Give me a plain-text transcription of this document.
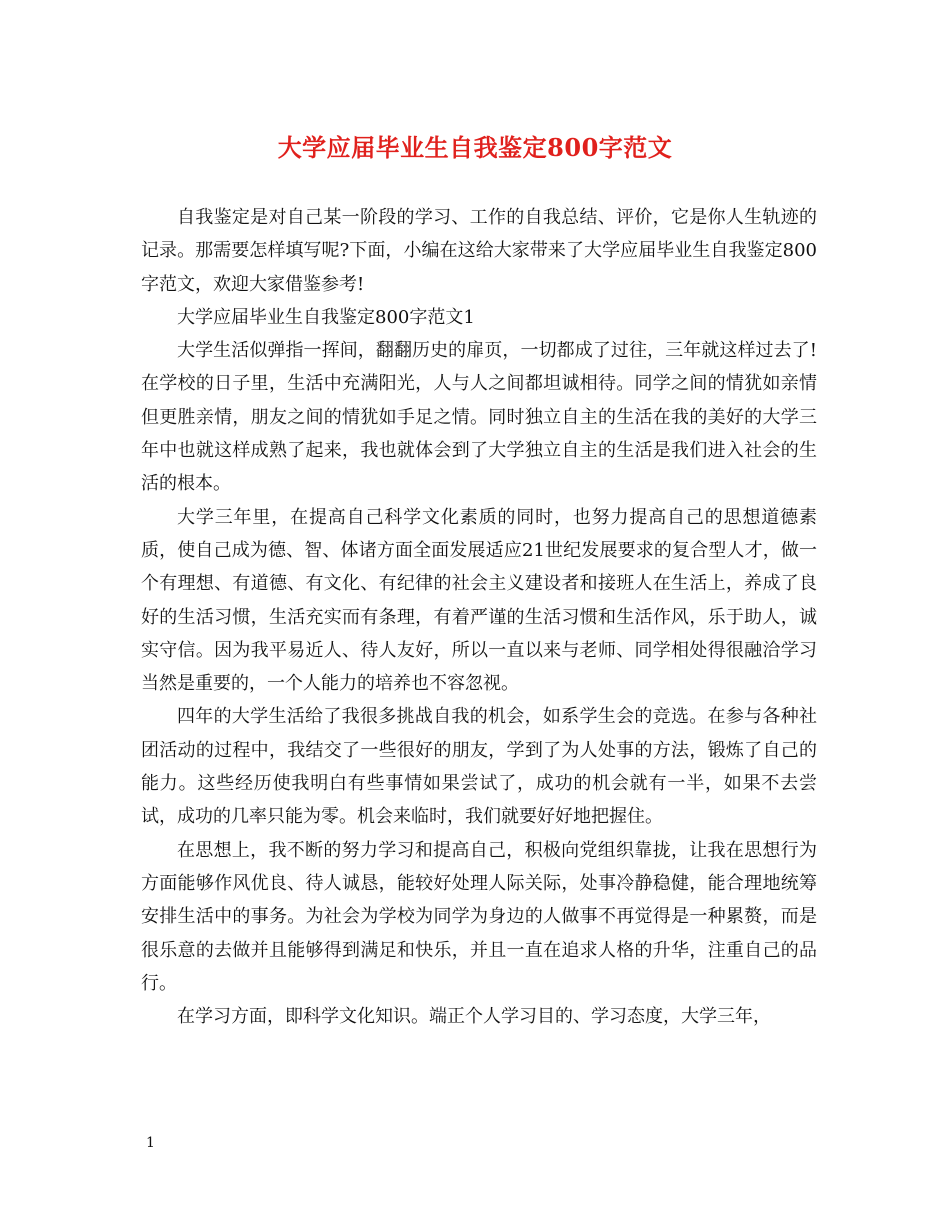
大学应届毕业生自我鉴定800字范文

自我鉴定是对自己某一阶段的学习、工作的自我总结、评价，它是你人生轨迹的记录。那需要怎样填写呢?下面，小编在这给大家带来了大学应届毕业生自我鉴定800字范文，欢迎大家借鉴参考!

大学应届毕业生自我鉴定800字范文1

大学生活似弹指一挥间，翻翻历史的扉页，一切都成了过往，三年就这样过去了!在学校的日子里，生活中充满阳光，人与人之间都坦诚相待。同学之间的情犹如亲情但更胜亲情，朋友之间的情犹如手足之情。同时独立自主的生活在我的美好的大学三年中也就这样成熟了起来，我也就体会到了大学独立自主的生活是我们进入社会的生活的根本。

大学三年里，在提高自己科学文化素质的同时，也努力提高自己的思想道德素质，使自己成为德、智、体诸方面全面发展适应21世纪发展要求的复合型人才，做一个有理想、有道德、有文化、有纪律的社会主义建设者和接班人在生活上，养成了良好的生活习惯，生活充实而有条理，有着严谨的生活习惯和生活作风，乐于助人，诚实守信。因为我平易近人、待人友好，所以一直以来与老师、同学相处得很融洽学习当然是重要的，一个人能力的培养也不容忽视。

四年的大学生活给了我很多挑战自我的机会，如系学生会的竞选。在参与各种社团活动的过程中，我结交了一些很好的朋友，学到了为人处事的方法，锻炼了自己的能力。这些经历使我明白有些事情如果尝试了，成功的机会就有一半，如果不去尝试，成功的几率只能为零。机会来临时，我们就要好好地把握住。

在思想上，我不断的努力学习和提高自己，积极向党组织靠拢，让我在思想行为方面能够作风优良、待人诚恳，能较好处理人际关际，处事冷静稳健，能合理地统筹安排生活中的事务。为社会为学校为同学为身边的人做事不再觉得是一种累赘，而是很乐意的去做并且能够得到满足和快乐，并且一直在追求人格的升华，注重自己的品行。

在学习方面，即科学文化知识。端正个人学习目的、学习态度，大学三年，

1
